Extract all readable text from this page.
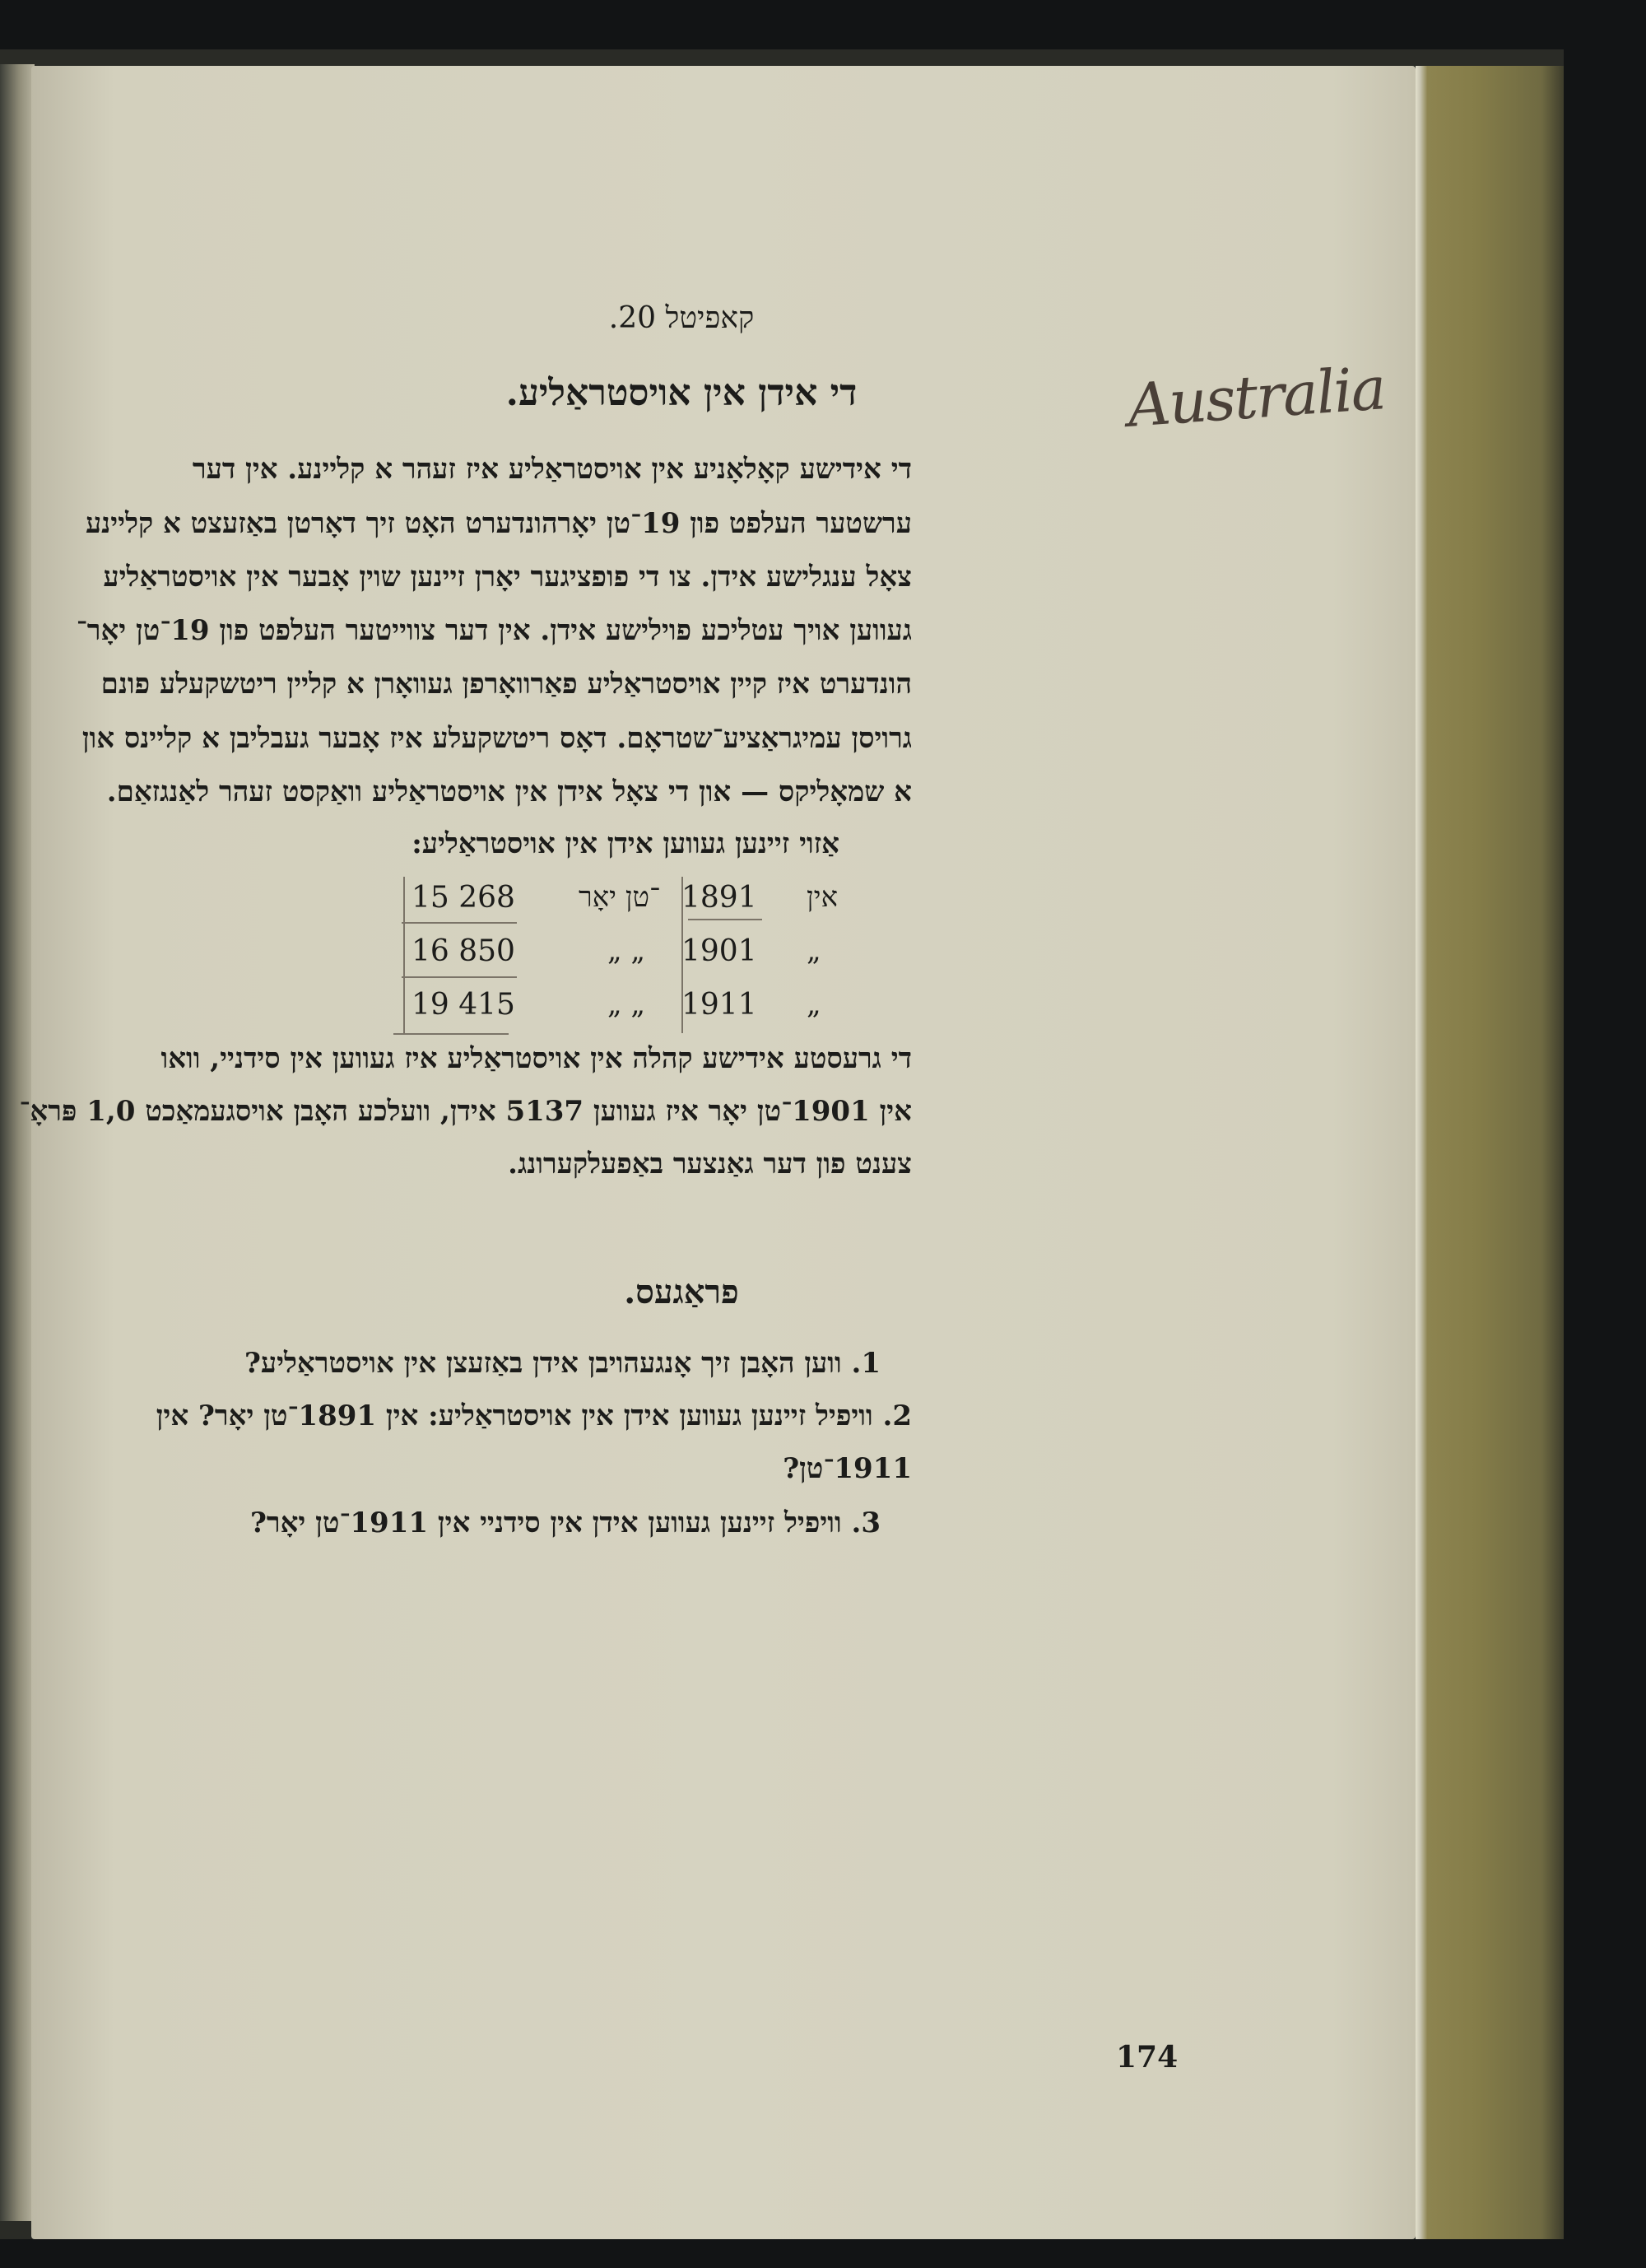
קאפיטל 20.
די אידן אין אויסטראַליע.	Australia
די אידישע קאָלאָניע אין אויסטראַליע איז זעהר א קליינע. אין דער
ערשטער העלפט פון 19־טן יאָרהונדערט האָט זיך דאָרטן באַזעצט א קליינע
צאָל ענגלישע אידן. צו די פופציגער יאָרן זיינען שוין אָבער אין אויסטראַליע
געווען אויך עטליכע פוילישע אידן. אין דער צווייטער העלפט פון 19־טן יאָר־
הונדערט איז קיין אויסטראַליע פאַרוואָרפן געוואָרן א קליין ריטשקעלע פונם
גרויסן עמיגראַציע־שטראָם. דאָס ריטשקעלע איז אָבער געבליבן א קליינס און
א שמאָליקס — און די צאָל אידן אין אויסטראַליע וואַקסט זעהר לאַנגזאַם.
אַזוי זיינען געווען אידן אין אויסטראַליע:
אין
1891
־טן יאָר
15 268
„
1901
„ „
16 850
„
1911
„ „
19 415
די גרעסטע אידישע קהלה אין אויסטראַליע איז געווען אין סידניי, וואו
אין 1901־טן יאָר איז געווען 5137 אידן, וועלכע האָבן אויסגעמאַכט 1,0 פּראָ־
צענט פון דער גאַנצער באַפעלקערונג.
פראַגעס.
1. ווען האָבן זיך אָנגעהויבן אידן באַזעצן אין אויסטראַליע?
2. וויפיל זיינען געווען אידן אין אויסטראַליע: אין 1891־טן יאָר? אין
1911־טן?
3. וויפיל זיינען געווען אידן אין סידניי אין 1911־טן יאָר?
174
